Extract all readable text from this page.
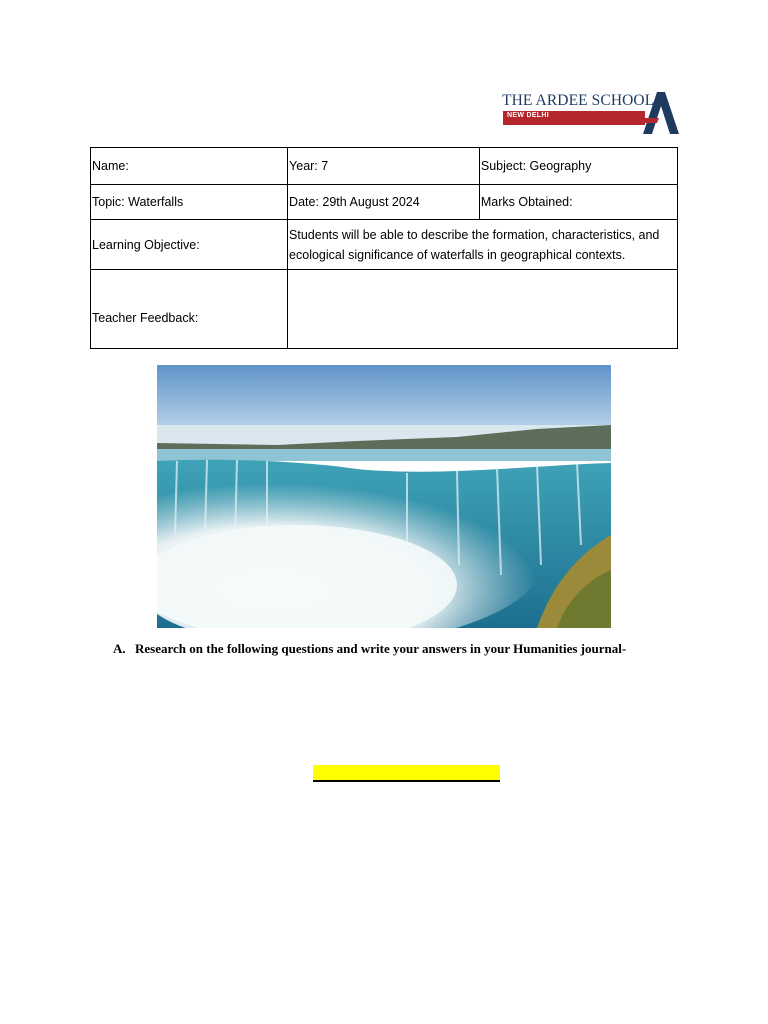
THE ARDEE SCHOOL
NEW DELHI
Name:	Year: 7	Subject: Geography
Topic: Waterfalls	Date: 29th August 2024	Marks Obtained:
Learning Objective:	Students will be able to describe the formation, characteristics, and ecological significance of waterfalls in geographical contexts.	
Teacher Feedback:		
A. Research on the following questions and write your answers in your Humanities journal-
